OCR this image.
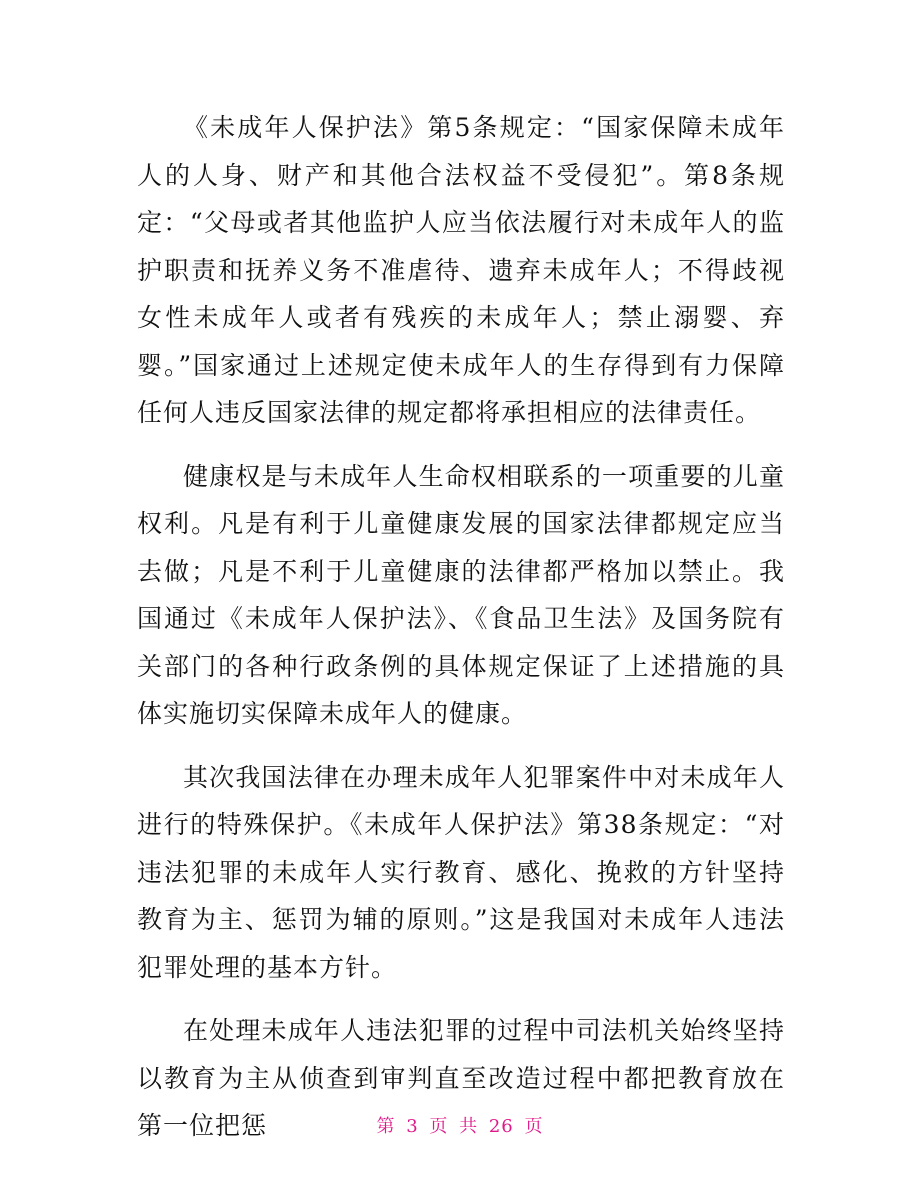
《未成年人保护法》第5条规定：“国家保障未成年人的人身、财产和其他合法权益不受侵犯”。第8条规定：“父母或者其他监护人应当依法履行对未成年人的监护职责和抚养义务不准虐待、遗弃未成年人；不得歧视女性未成年人或者有残疾的未成年人；禁止溺婴、弃婴。”国家通过上述规定使未成年人的生存得到有力保障任何人违反国家法律的规定都将承担相应的法律责任。

健康权是与未成年人生命权相联系的一项重要的儿童权利。凡是有利于儿童健康发展的国家法律都规定应当去做；凡是不利于儿童健康的法律都严格加以禁止。我国通过《未成年人保护法》、《食品卫生法》及国务院有关部门的各种行政条例的具体规定保证了上述措施的具体实施切实保障未成年人的健康。

其次我国法律在办理未成年人犯罪案件中对未成年人进行的特殊保护。《未成年人保护法》第38条规定：“对违法犯罪的未成年人实行教育、感化、挽救的方针坚持教育为主、惩罚为辅的原则。”这是我国对未成年人违法犯罪处理的基本方针。

在处理未成年人违法犯罪的过程中司法机关始终坚持以教育为主从侦查到审判直至改造过程中都把教育放在第一位把惩	第 3 页 共 26 页
